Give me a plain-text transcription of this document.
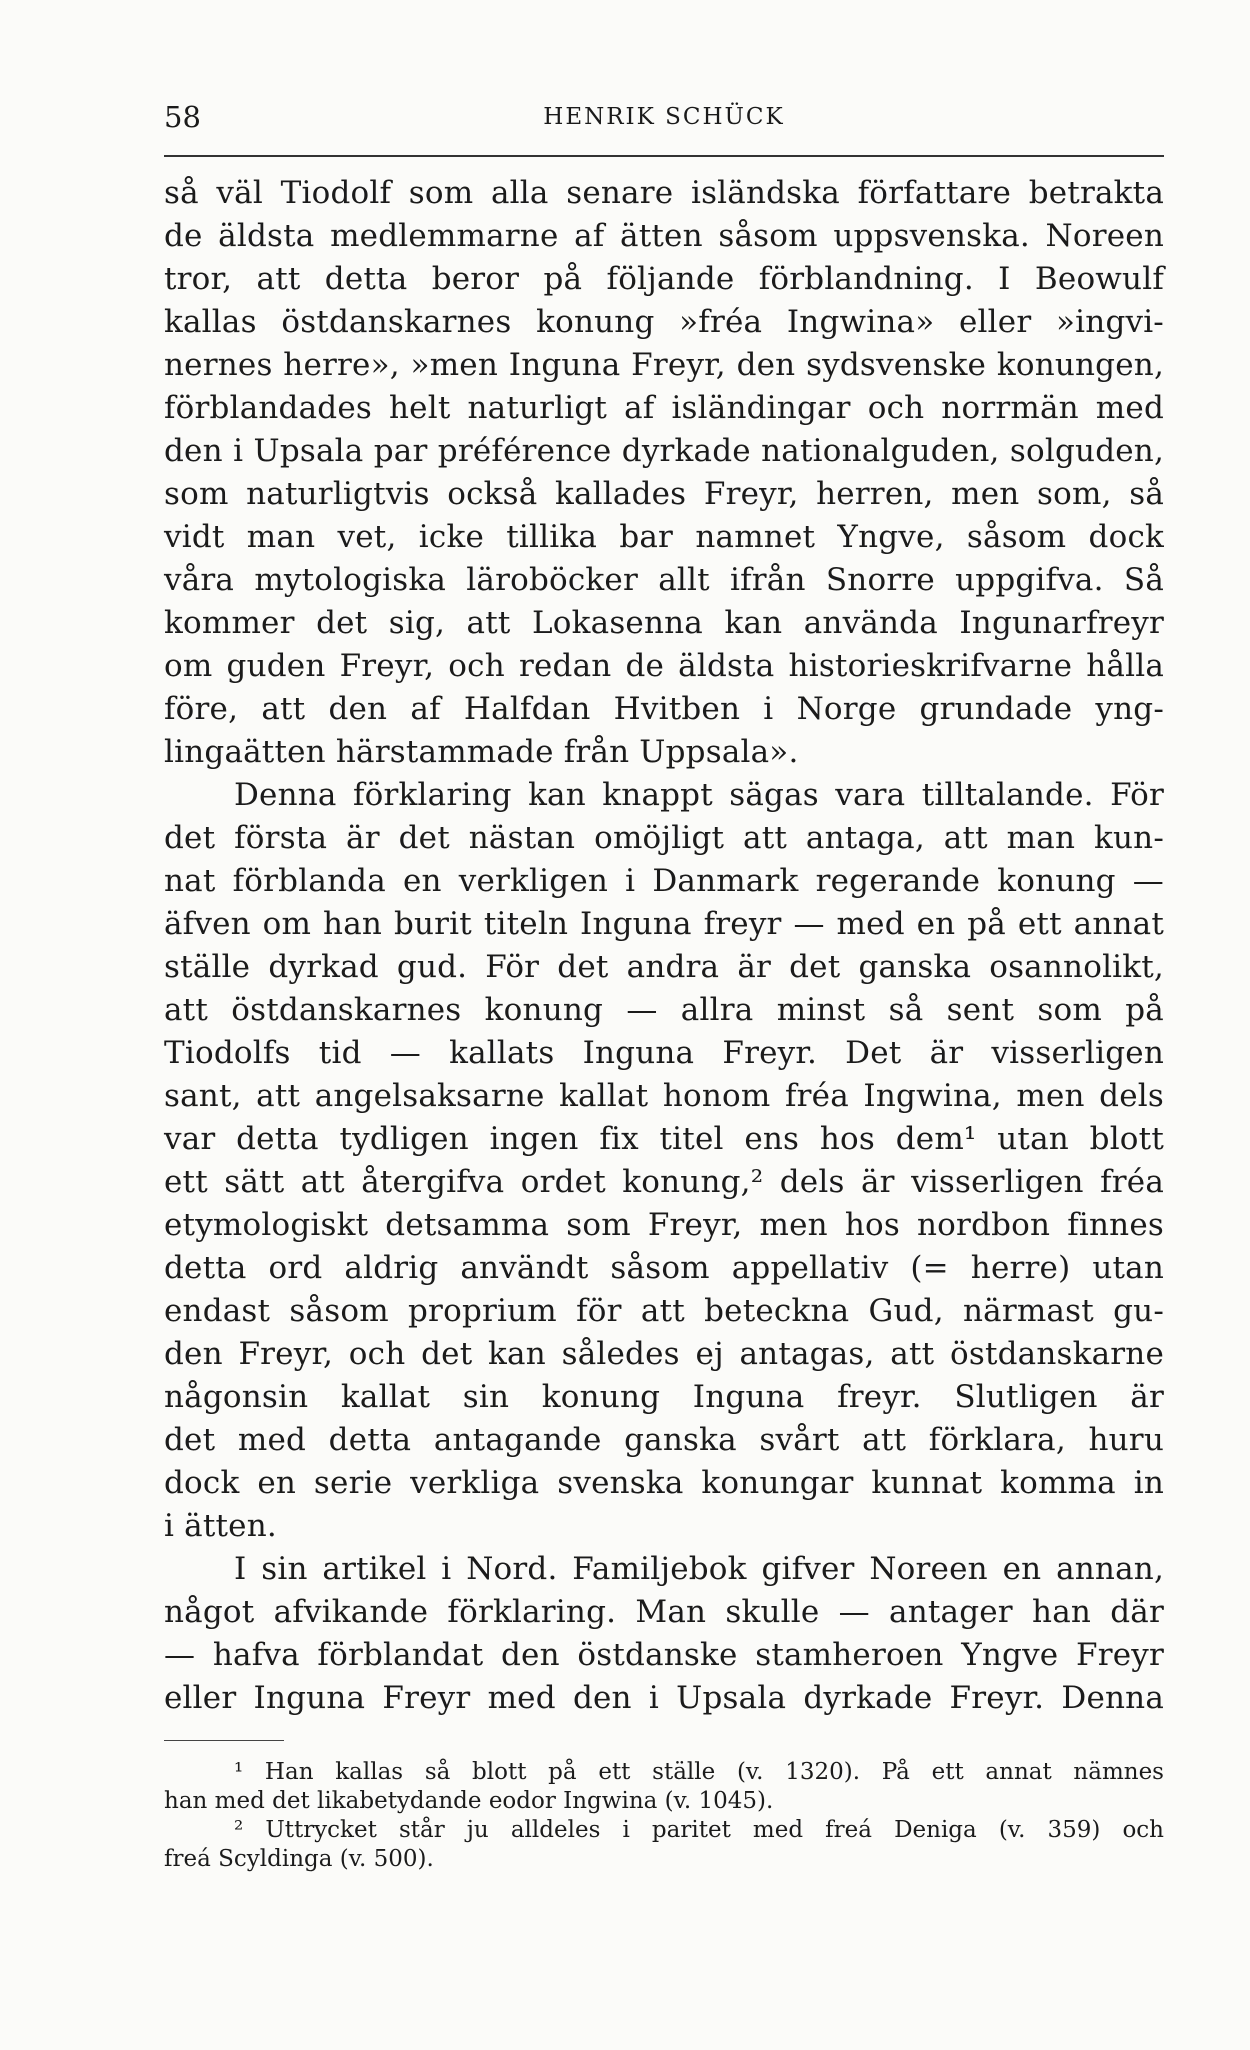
58	HENRIK SCHÜCK
så väl Tiodolf som alla senare isländska författare betrakta
de äldsta medlemmarne af ätten såsom uppsvenska. Noreen
tror, att detta beror på följande förblandning. I Beowulf
kallas östdanskarnes konung »fréa Ingwina» eller »ingvi-
nernes herre», »men Inguna Freyr, den sydsvenske konungen,
förblandades helt naturligt af isländingar och norrmän med
den i Upsala par préférence dyrkade nationalguden, solguden,
som naturligtvis också kallades Freyr, herren, men som, så
vidt man vet, icke tillika bar namnet Yngve, såsom dock
våra mytologiska läroböcker allt ifrån Snorre uppgifva. Så
kommer det sig, att Lokasenna kan använda Ingunarfreyr
om guden Freyr, och redan de äldsta historieskrifvarne hålla
före, att den af Halfdan Hvitben i Norge grundade yng-
lingaätten härstammade från Uppsala».
Denna förklaring kan knappt sägas vara tilltalande. För
det första är det nästan omöjligt att antaga, att man kun-
nat förblanda en verkligen i Danmark regerande konung —
äfven om han burit titeln Inguna freyr — med en på ett annat
ställe dyrkad gud. För det andra är det ganska osannolikt,
att östdanskarnes konung — allra minst så sent som på
Tiodolfs tid — kallats Inguna Freyr. Det är visserligen
sant, att angelsaksarne kallat honom fréa Ingwina, men dels
var detta tydligen ingen fix titel ens hos dem¹ utan blott
ett sätt att återgifva ordet konung,² dels är visserligen fréa
etymologiskt detsamma som Freyr, men hos nordbon finnes
detta ord aldrig användt såsom appellativ (= herre) utan
endast såsom proprium för att beteckna Gud, närmast gu-
den Freyr, och det kan således ej antagas, att östdanskarne
någonsin kallat sin konung Inguna freyr. Slutligen är
det med detta antagande ganska svårt att förklara, huru
dock en serie verkliga svenska konungar kunnat komma in
i ätten.
I sin artikel i Nord. Familjebok gifver Noreen en annan,
något afvikande förklaring. Man skulle — antager han där
— hafva förblandat den östdanske stamheroen Yngve Freyr
eller Inguna Freyr med den i Upsala dyrkade Freyr. Denna
¹ Han kallas så blott på ett ställe (v. 1320). På ett annat nämnes
han med det likabetydande eodor Ingwina (v. 1045).
² Uttrycket står ju alldeles i paritet med freá Deniga (v. 359) och
freá Scyldinga (v. 500).
